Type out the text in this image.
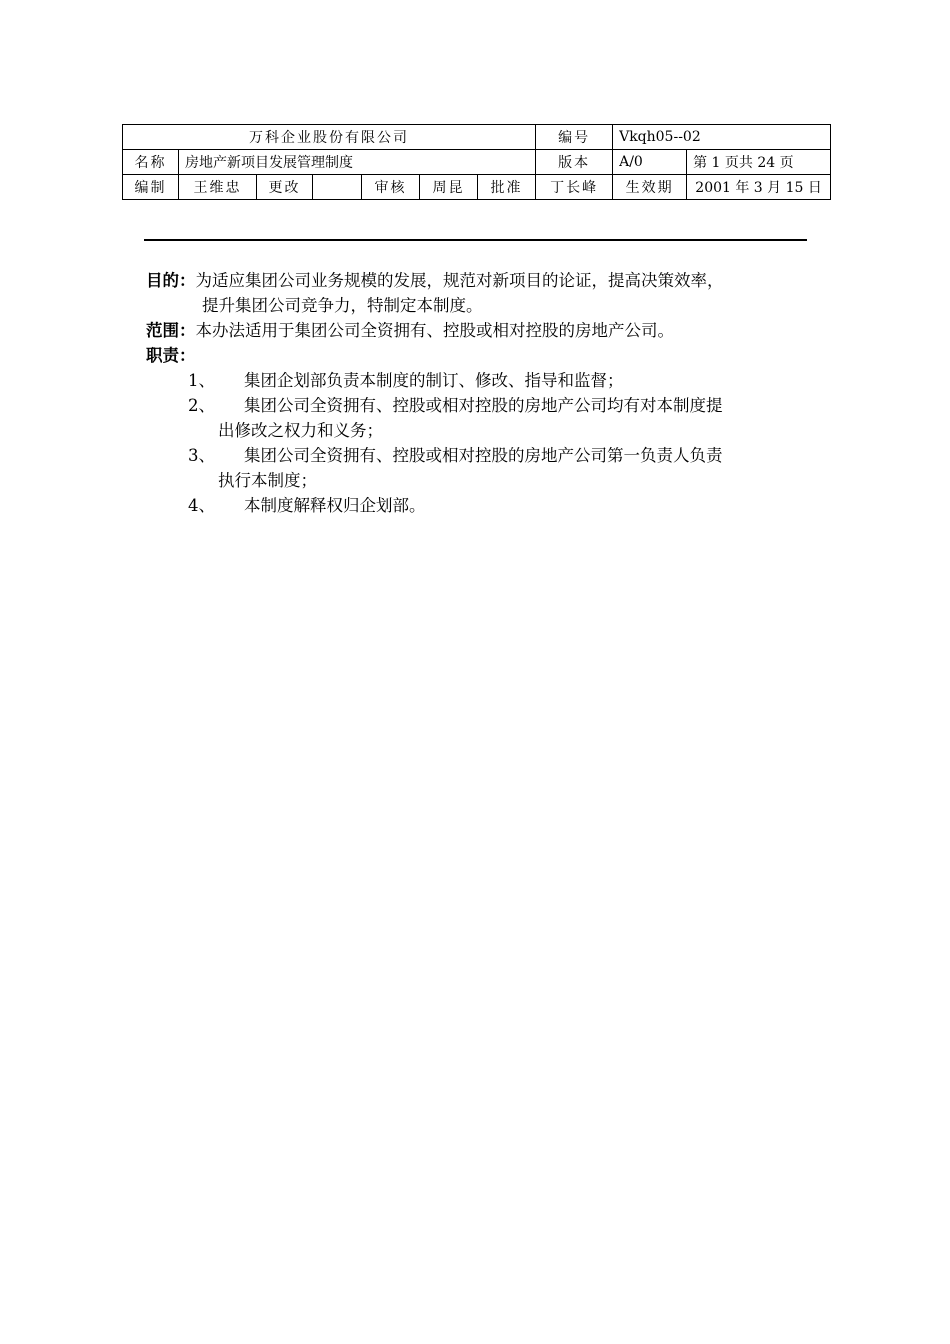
万科企业股份有限公司							编号	Vkqh05--02	
名称	房地产新项目发展管理制度						版本	A/0	第 1 页共 24 页
编制	王维忠	更改		审核	周昆	批准	丁长峰	生效期	2001 年 3 月 15 日
目的：为适应集团公司业务规模的发展，规范对新项目的论证，提高决策效率，
提升集团公司竞争力，特制定本制度。
范围：本办法适用于集团公司全资拥有、控股或相对控股的房地产公司。
职责：
1、	集团企划部负责本制度的制订、修改、指导和监督；
2、	集团公司全资拥有、控股或相对控股的房地产公司均有对本制度提
出修改之权力和义务；
3、	集团公司全资拥有、控股或相对控股的房地产公司第一负责人负责
执行本制度；
4、	本制度解释权归企划部。
